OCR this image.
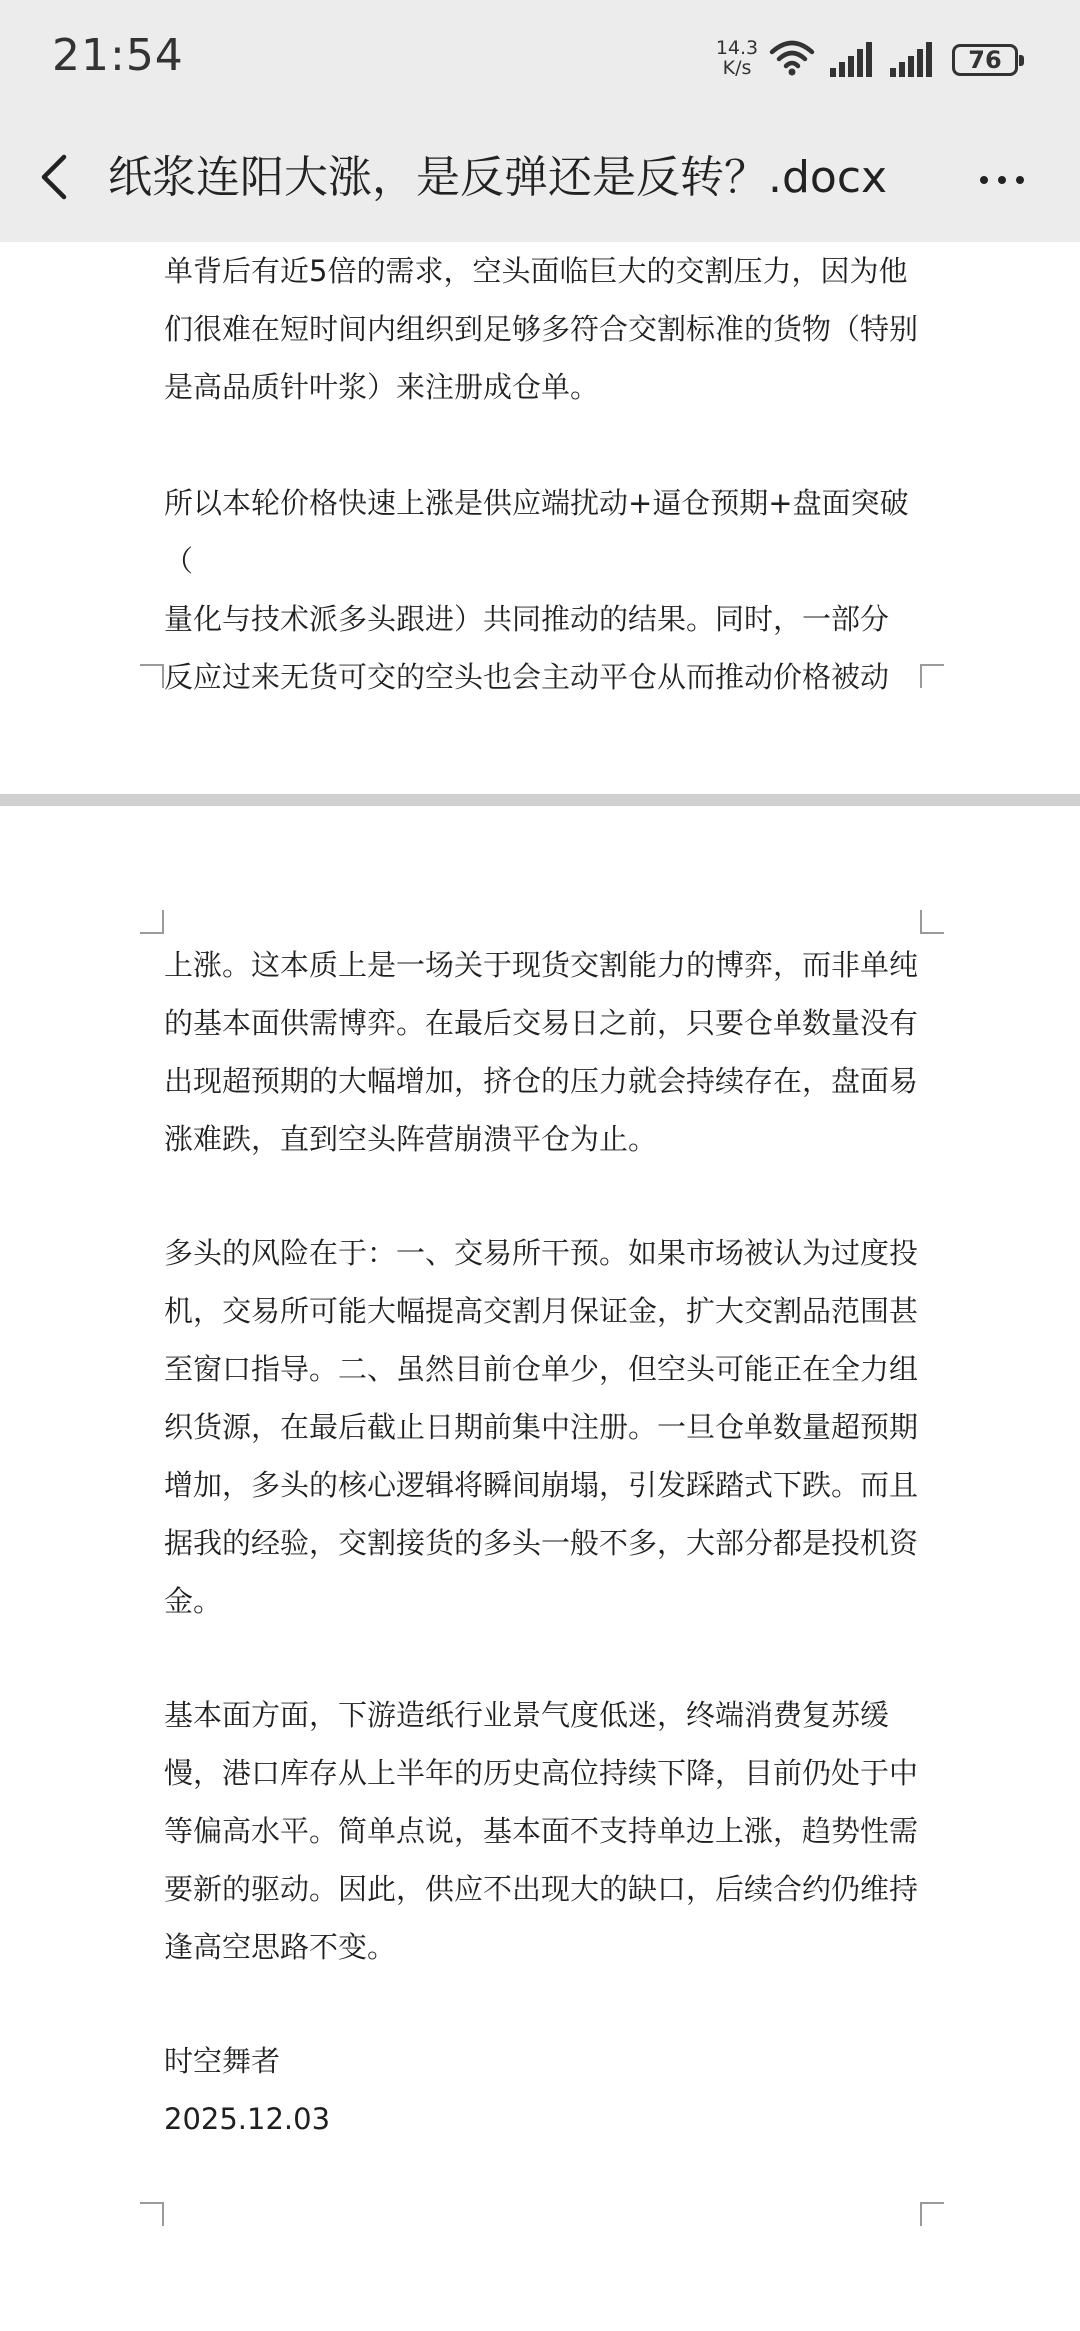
21:54	14.3
K/s	76
纸浆连阳大涨，是反弹还是反转？.docx
单背后有近5倍的需求，空头面临巨大的交割压力，因为他
们很难在短时间内组织到足够多符合交割标准的货物（特别
是高品质针叶浆）来注册成仓单。
所以本轮价格快速上涨是供应端扰动+逼仓预期+盘面突破（
量化与技术派多头跟进）共同推动的结果。同时，一部分
反应过来无货可交的空头也会主动平仓从而推动价格被动

上涨。这本质上是一场关于现货交割能力的博弈，而非单纯的基本面供需博弈。在最后交易日之前，只要仓单数量没有出现超预期的大幅增加，挤仓的压力就会持续存在，盘面易涨难跌，直到空头阵营崩溃平仓为止。

多头的风险在于：一、交易所干预。如果市场被认为过度投机，交易所可能大幅提高交割月保证金，扩大交割品范围甚至窗口指导。二、虽然目前仓单少，但空头可能正在全力组织货源，在最后截止日期前集中注册。一旦仓单数量超预期增加，多头的核心逻辑将瞬间崩塌，引发踩踏式下跌。而且据我的经验，交割接货的多头一般不多，大部分都是投机资金。

基本面方面，下游造纸行业景气度低迷，终端消费复苏缓慢，港口库存从上半年的历史高位持续下降，目前仍处于中等偏高水平。简单点说，基本面不支持单边上涨，趋势性需要新的驱动。因此，供应不出现大的缺口，后续合约仍维持逢高空思路不变。

时空舞者

2025.12.03
